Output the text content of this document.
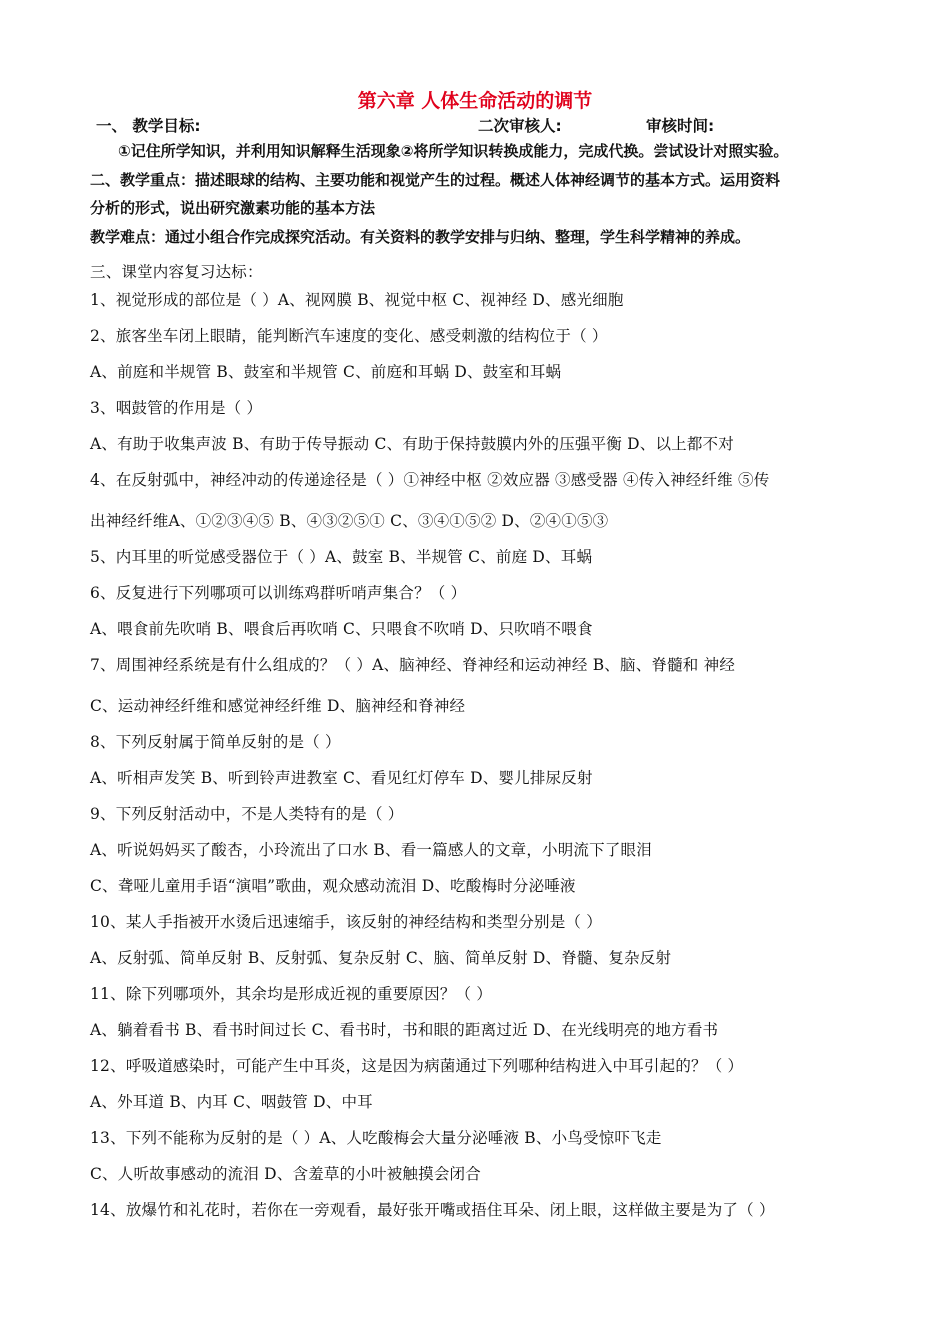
第六章 人体生命活动的调节
一、 教学目标:	二次审核人:	审核时间:
①记住所学知识，并利用知识解释生活现象②将所学知识转换成能力，完成代换。尝试设计对照实验。
二、教学重点：描述眼球的结构、主要功能和视觉产生的过程。概述人体神经调节的基本方式。运用资料
分析的形式，说出研究激素功能的基本方法
教学难点：通过小组合作完成探究活动。有关资料的教学安排与归纳、整理，学生科学精神的养成。
三、课堂内容复习达标：
1、视觉形成的部位是（ ）A、视网膜 B、视觉中枢 C、视神经 D、感光细胞
2、旅客坐车闭上眼睛，能判断汽车速度的变化、感受刺激的结构位于（ ）
A、前庭和半规管 B、鼓室和半规管 C、前庭和耳蜗 D、鼓室和耳蜗
3、咽鼓管的作用是（ ）
A、有助于收集声波 B、有助于传导振动 C、有助于保持鼓膜内外的压强平衡 D、以上都不对
4、在反射弧中，神经冲动的传递途径是（ ）①神经中枢 ②效应器 ③感受器 ④传入神经纤维 ⑤传
出神经纤维A、①②③④⑤ B、④③②⑤① C、③④①⑤② D、②④①⑤③
5、内耳里的听觉感受器位于（ ）A、鼓室 B、半规管 C、前庭 D、耳蜗
6、反复进行下列哪项可以训练鸡群听哨声集合？（ ）
A、喂食前先吹哨 B、喂食后再吹哨 C、只喂食不吹哨 D、只吹哨不喂食
7、周围神经系统是有什么组成的？（ ）A、脑神经、脊神经和运动神经 B、脑、脊髓和 神经
C、运动神经纤维和感觉神经纤维 D、脑神经和脊神经
8、下列反射属于简单反射的是（ ）
A、听相声发笑 B、听到铃声进教室 C、看见红灯停车 D、婴儿排尿反射
9、下列反射活动中，不是人类特有的是（ ）
A、听说妈妈买了酸杏，小玲流出了口水 B、看一篇感人的文章，小明流下了眼泪
C、聋哑儿童用手语“演唱”歌曲，观众感动流泪 D、吃酸梅时分泌唾液
10、某人手指被开水烫后迅速缩手，该反射的神经结构和类型分别是（ ）
A、反射弧、简单反射 B、反射弧、复杂反射 C、脑、简单反射 D、脊髓、复杂反射
11、除下列哪项外，其余均是形成近视的重要原因？（ ）
A、躺着看书 B、看书时间过长 C、看书时，书和眼的距离过近 D、在光线明亮的地方看书
12、呼吸道感染时，可能产生中耳炎，这是因为病菌通过下列哪种结构进入中耳引起的？（ ）
A、外耳道 B、内耳 C、咽鼓管 D、中耳
13、下列不能称为反射的是（ ）A、人吃酸梅会大量分泌唾液 B、小鸟受惊吓飞走
C、人听故事感动的流泪 D、含羞草的小叶被触摸会闭合
14、放爆竹和礼花时，若你在一旁观看，最好张开嘴或捂住耳朵、闭上眼，这样做主要是为了（ ）
